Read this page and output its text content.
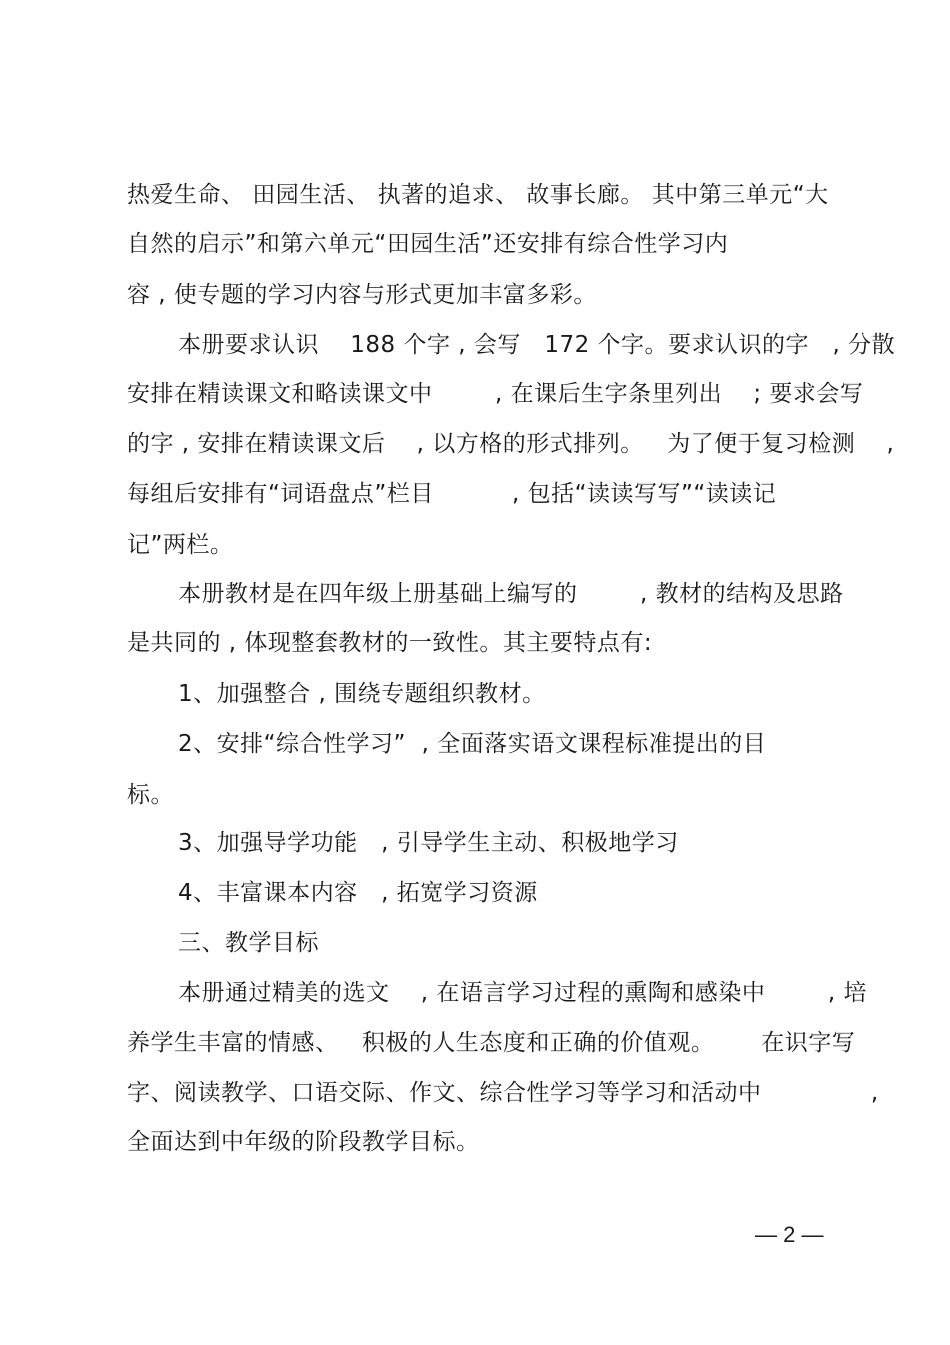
热爱生命、 田园生活、 执著的追求、 故事长廊。 其中第三单元“大
自然的启示”和第六单元“田园生活”还安排有综合性学习内
容 , 使专题的学习内容与形式更加丰富多彩。
本册要求认识    188 个字 , 会写   172 个字。要求认识的字   , 分散
安排在精读课文和略读课文中        , 在课后生字条里列出    ; 要求会写
的字 , 安排在精读课文后    , 以方格的形式排列。   为了便于复习检测    ,
每组后安排有“词语盘点”栏目          , 包括“读读写写”“读读记
记”两栏。
本册教材是在四年级上册基础上编写的        , 教材的结构及思路
是共同的 , 体现整套教材的一致性。其主要特点有:
1、加强整合 , 围绕专题组织教材。
2、安排“综合性学习”  , 全面落实语文课程标准提出的目
标。
3、加强导学功能   , 引导学生主动、积极地学习
4、丰富课本内容   , 拓宽学习资源
三、教学目标
本册通过精美的选文    , 在语言学习过程的熏陶和感染中        , 培
养学生丰富的情感、   积极的人生态度和正确的价值观。      在识字写
字、阅读教学、口语交际、作文、综合性学习等学习和活动中              ,
全面达到中年级的阶段教学目标。
— 2 —
